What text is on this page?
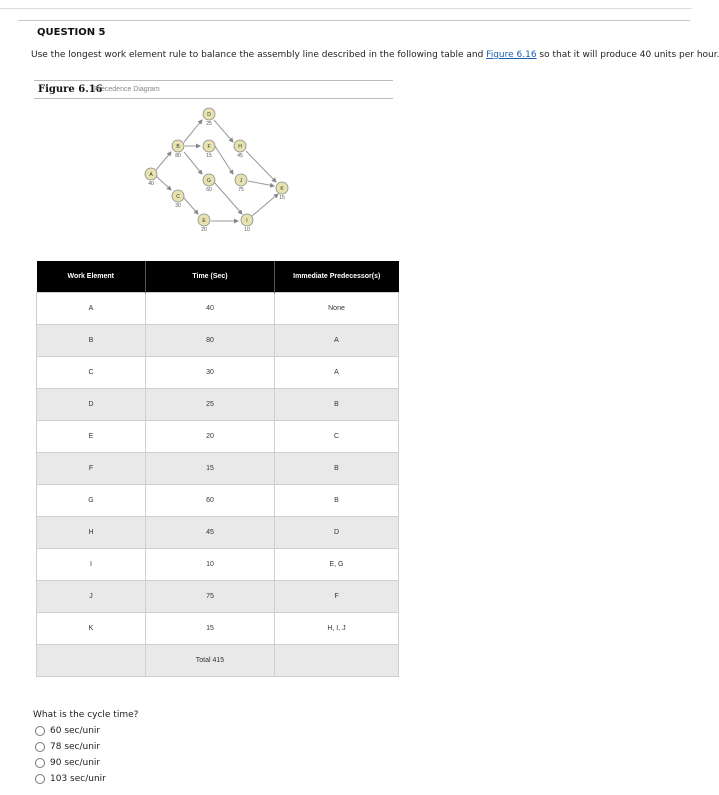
QUESTION 5
Use the longest work element rule to balance the assembly line described in the following table and Figure 6.16 so that it will produce 40 units per hour.
Figure 6.16
Precedence Diagram
A
40
B
80
C
30
D
25
E
20
F
15
G
60
H
45
I
10
J
75	K
15
Work Element	Time (Sec)	Immediate Predecessor(s)
A	40	None
B	80	A
C	30	A
D	25	B
E	20	C
F	15	B
G	60	B
H	45	D
I	10	E, G
J	75	F
K	15	H, I, J
	Total 415	
What is the cycle time?
60 sec/unir
78 sec/unir
90 sec/unir
103 sec/unir
